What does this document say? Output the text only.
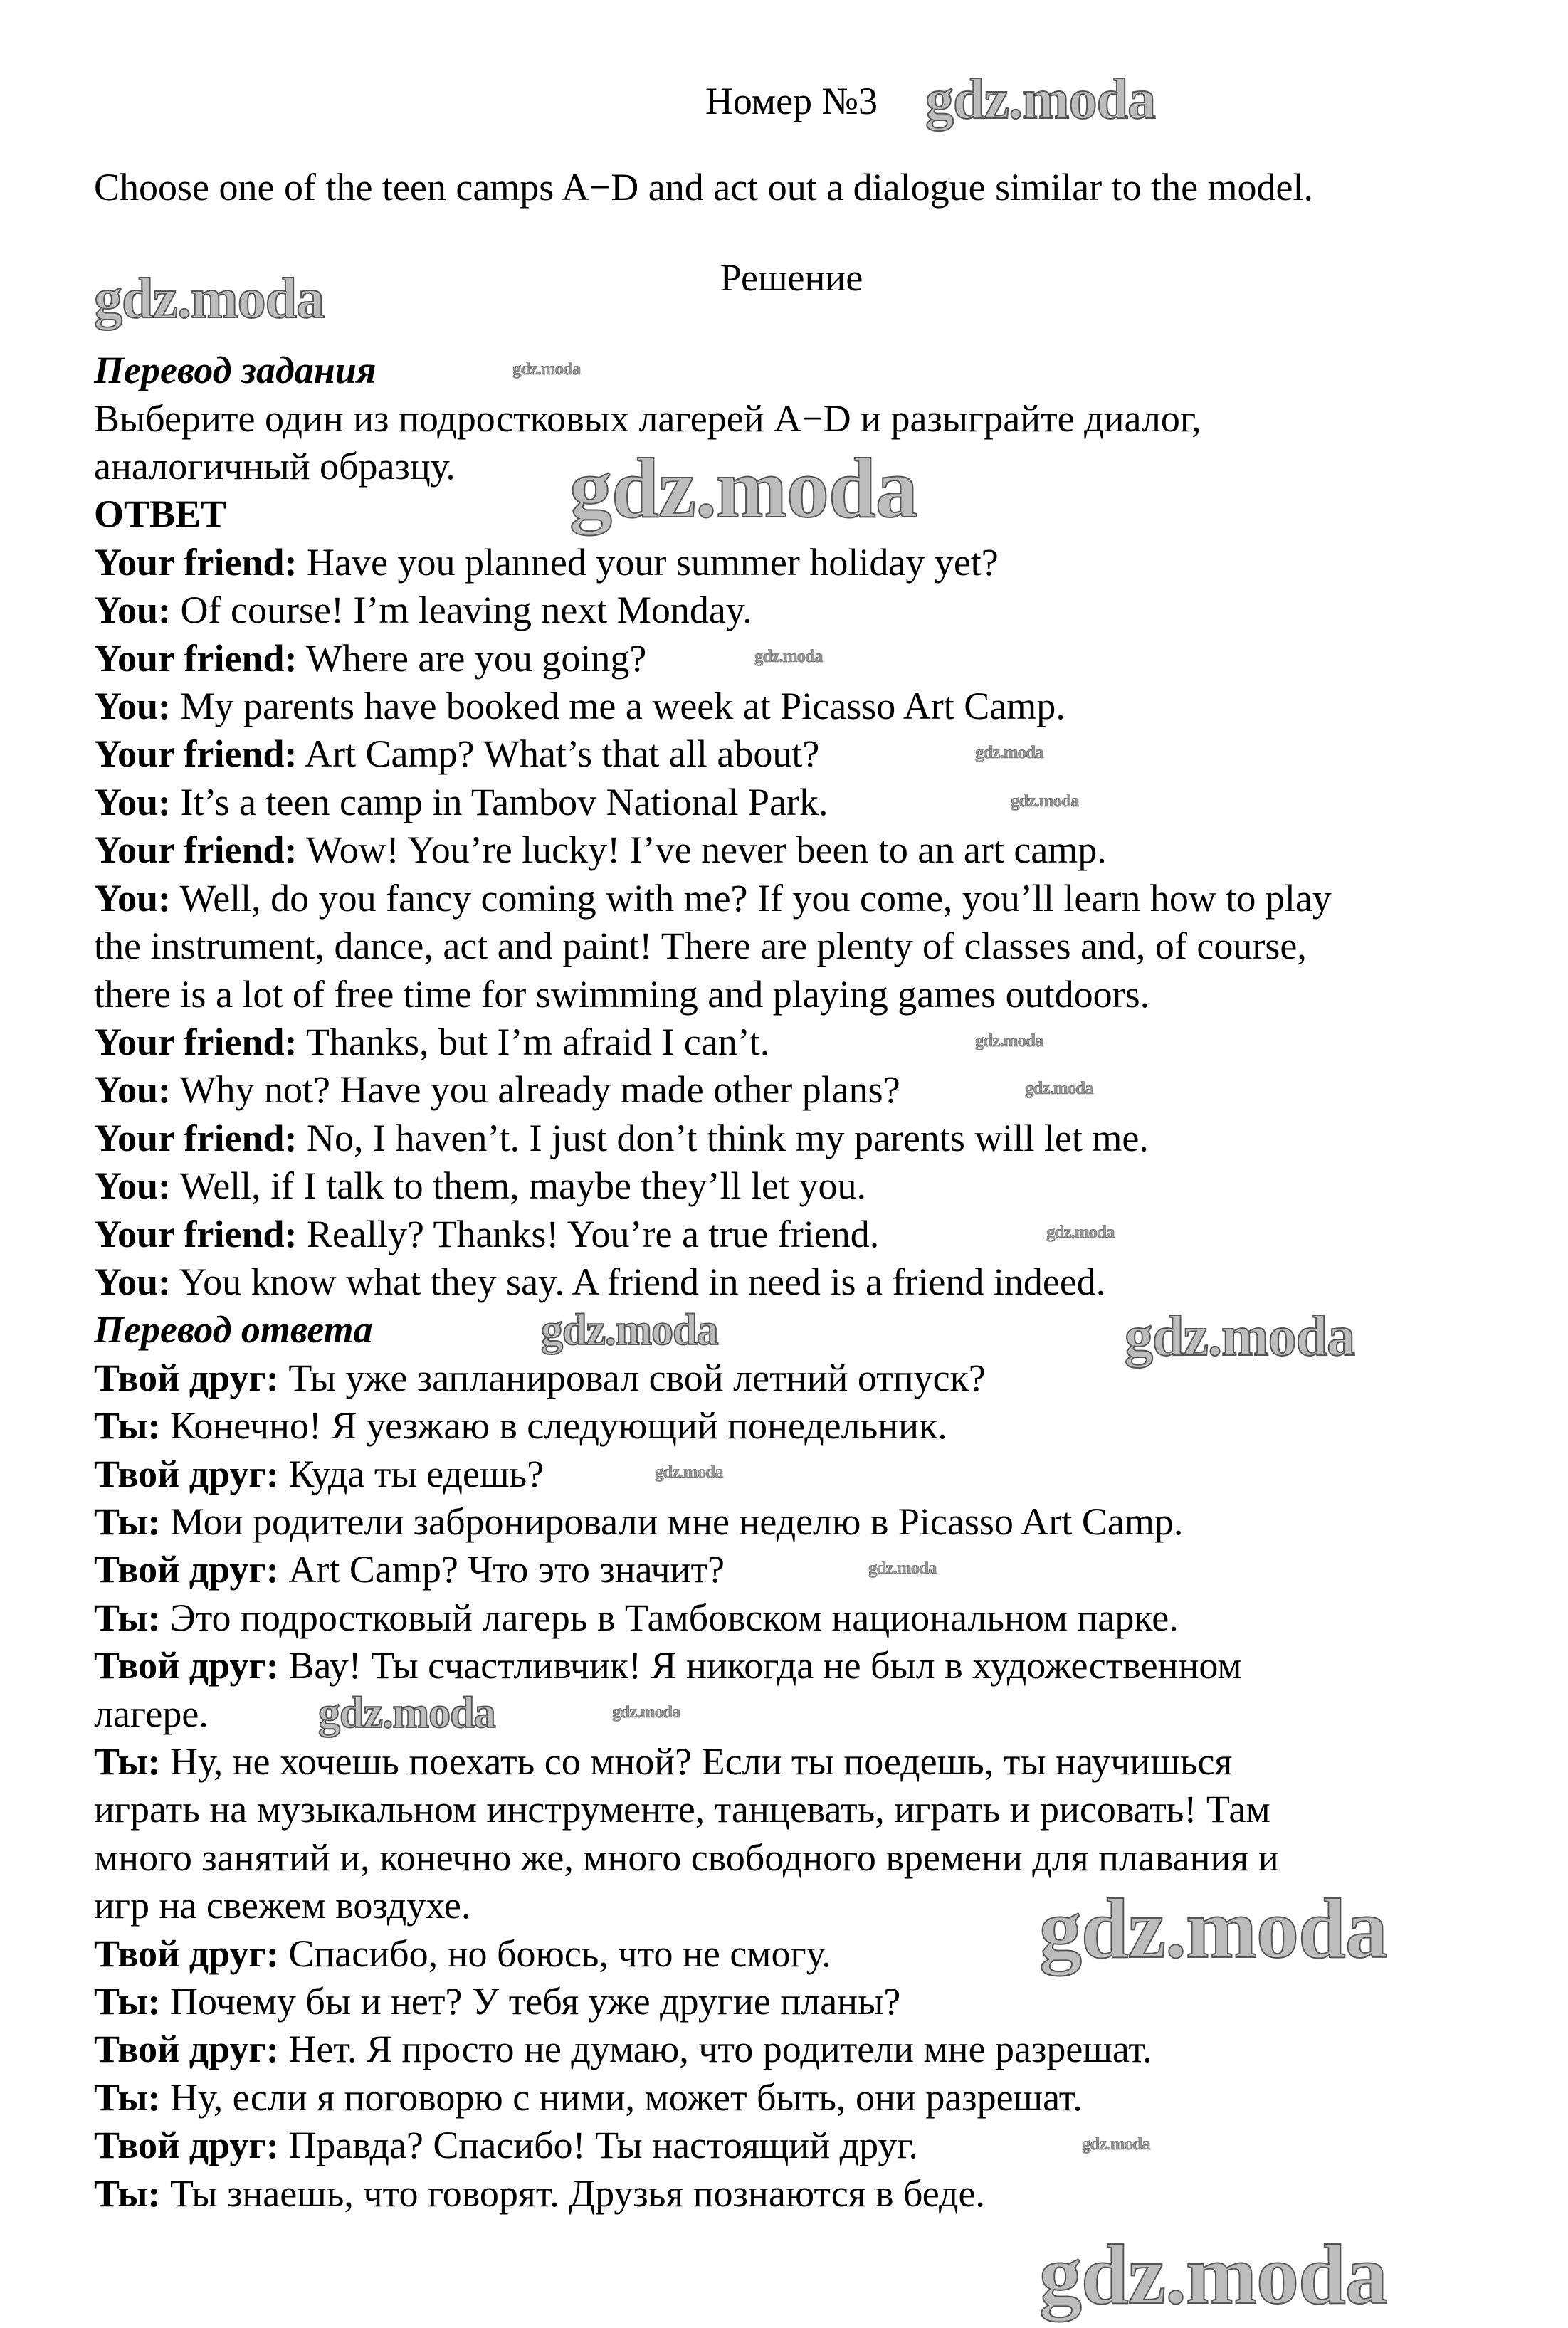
Номер №3
Choose one of the teen camps A−D and act out a dialogue similar to the model.
Решение
Перевод задания
Выберите один из подростковых лагерей A−D и разыграйте диалог,
аналогичный образцу.
ОТВЕТ
Your friend: Have you planned your summer holiday yet?
You: Of course! I’m leaving next Monday.
Your friend: Where are you going?
You: My parents have booked me a week at Picasso Art Camp.
Your friend: Art Camp? What’s that all about?
You: It’s a teen camp in Tambov National Park.
Your friend: Wow! You’re lucky! I’ve never been to an art camp.
You: Well, do you fancy coming with me? If you come, you’ll learn how to play
the instrument, dance, act and paint! There are plenty of classes and, of course,
there is a lot of free time for swimming and playing games outdoors.
Your friend: Thanks, but I’m afraid I can’t.
You: Why not? Have you already made other plans?
Your friend: No, I haven’t. I just don’t think my parents will let me.
You: Well, if I talk to them, maybe they’ll let you.
Your friend: Really? Thanks! You’re a true friend.
You: You know what they say. A friend in need is a friend indeed.
Перевод ответа
Твой друг: Ты уже запланировал свой летний отпуск?
Ты: Конечно! Я уезжаю в следующий понедельник.
Твой друг: Куда ты едешь?
Ты: Мои родители забронировали мне неделю в Picasso Art Camp.
Твой друг: Art Camp? Что это значит?
Ты: Это подростковый лагерь в Тамбовском национальном парке.
Твой друг: Вау! Ты счастливчик! Я никогда не был в художественном
лагере.
Ты: Ну, не хочешь поехать со мной? Если ты поедешь, ты научишься
играть на музыкальном инструменте, танцевать, играть и рисовать! Там
много занятий и, конечно же, много свободного времени для плавания и
игр на свежем воздухе.
Твой друг: Спасибо, но боюсь, что не смогу.
Ты: Почему бы и нет? У тебя уже другие планы?
Твой друг: Нет. Я просто не думаю, что родители мне разрешат.
Ты: Ну, если я поговорю с ними, может быть, они разрешат.
Твой друг: Правда? Спасибо! Ты настоящий друг.
Ты: Ты знаешь, что говорят. Друзья познаются в беде.
gdz.moda
gdz.moda
gdz.moda
gdz.moda	gdz.moda
gdz.moda
gdz.moda
gdz.moda
gdz.moda
gdz.moda
gdz.moda
gdz.moda
gdz.moda
gdz.moda
gdz.moda
gdz.moda
gdz.moda
gdz.moda
gdz.moda
